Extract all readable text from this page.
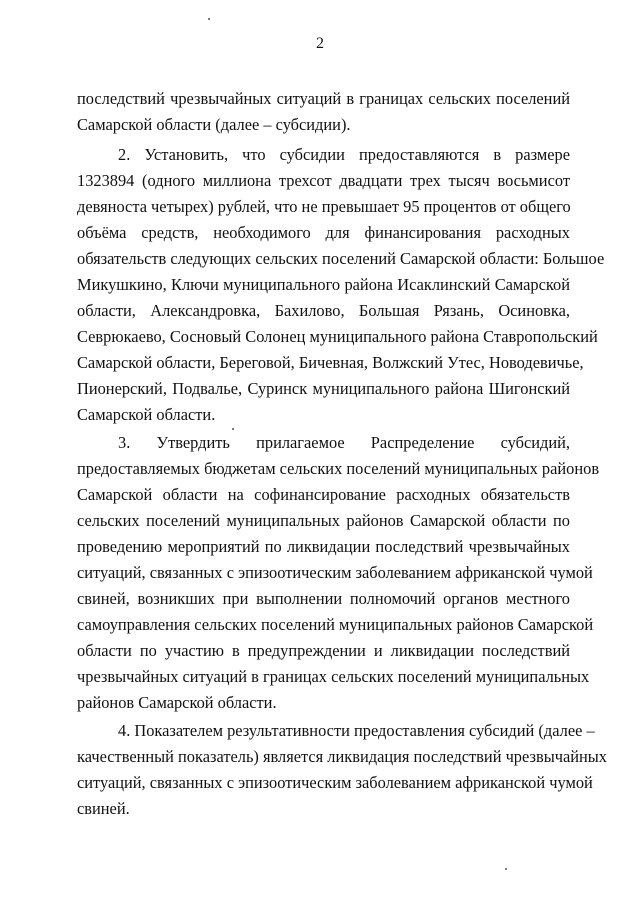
2
последствий чрезвычайных ситуаций в границах сельских поселений
Самарской области (далее – субсидии).
2. Установить, что субсидии предоставляются в размере
1323894 (одного миллиона трехсот двадцати трех тысяч восьмисот
девяноста четырех) рублей, что не превышает 95 процентов от общего
объёма средств, необходимого для финансирования расходных
обязательств следующих сельских поселений Самарской области: Большое
Микушкино, Ключи муниципального района Исаклинский Самарской
области, Александровка, Бахилово, Большая Рязань, Осиновка,
Севрюкаево, Сосновый Солонец муниципального района Ставропольский
Самарской области, Береговой, Бичевная, Волжский Утес, Новодевичье,
Пионерский, Подвалье, Суринск муниципального района Шигонский
Самарской области.
3. Утвердить прилагаемое Распределение субсидий,
предоставляемых бюджетам сельских поселений муниципальных районов
Самарской области на софинансирование расходных обязательств
сельских поселений муниципальных районов Самарской области по
проведению мероприятий по ликвидации последствий чрезвычайных
ситуаций, связанных с эпизоотическим заболеванием африканской чумой
свиней, возникших при выполнении полномочий органов местного
самоуправления сельских поселений муниципальных районов Самарской
области по участию в предупреждении и ликвидации последствий
чрезвычайных ситуаций в границах сельских поселений муниципальных
районов Самарской области.
4. Показателем результативности предоставления субсидий (далее –
качественный показатель) является ликвидация последствий чрезвычайных
ситуаций, связанных с эпизоотическим заболеванием африканской чумой
свиней.
